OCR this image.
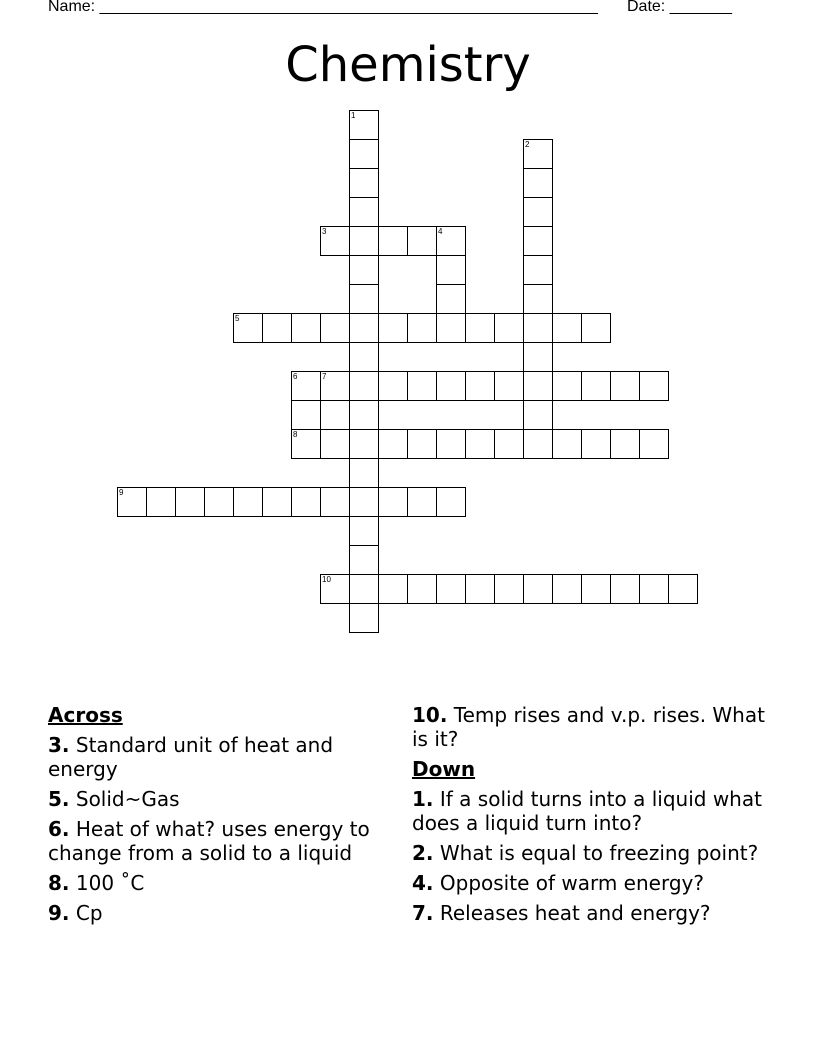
Name: ________________________________________________________ Date: _______
Chemistry
1
2
3	4
5
6	7
8
9
10
Across
3. Standard unit of heat and energy
5. Solid~Gas
6. Heat of what? uses energy to change from a solid to a liquid
8. 100 ˚C
9. Cp
10. Temp rises and v.p. rises. What is it?
Down
1. If a solid turns into a liquid what does a liquid turn into?
2. What is equal to freezing point?
4. Opposite of warm energy?
7. Releases heat and energy?
